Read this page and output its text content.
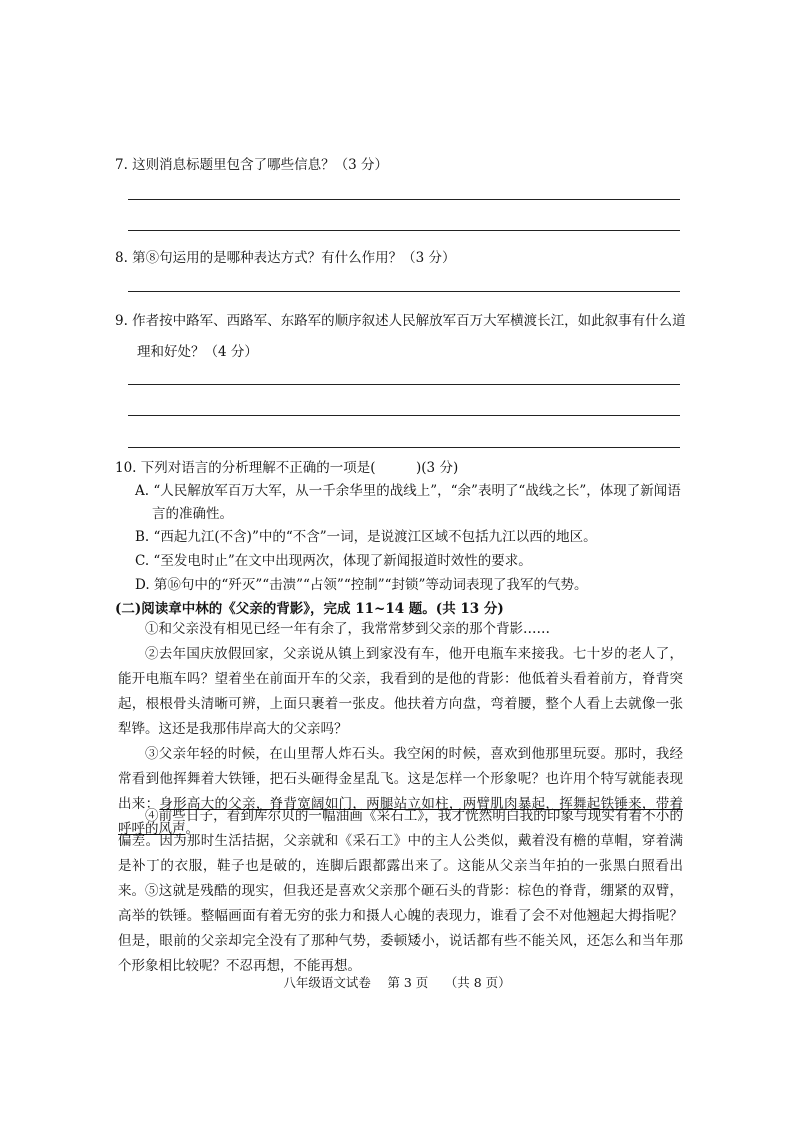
7. 这则消息标题里包含了哪些信息？（3 分）
8. 第⑧句运用的是哪种表达方式？有什么作用？（3 分）
9. 作者按中路军、西路军、东路军的顺序叙述人民解放军百万大军横渡长江，如此叙事有什么道
理和好处？（4 分）
10. 下列对语言的分析理解不正确的一项是(　　　)(3 分)
A. “人民解放军百万大军，从一千余华里的战线上”，“余”表明了“战线之长”，体现了新闻语
言的准确性。
B. “西起九江(不含)”中的“不含”一词，是说渡江区域不包括九江以西的地区。
C. “至发电时止”在文中出现两次，体现了新闻报道时效性的要求。
D. 第⑯句中的“歼灭”“击溃”“占领”“控制”“封锁”等动词表现了我军的气势。
(二)阅读章中林的《父亲的背影》，完成 11~14 题。(共 13 分)
①和父亲没有相见已经一年有余了，我常常梦到父亲的那个背影……
②去年国庆放假回家，父亲说从镇上到家没有车，他开电瓶车来接我。七十岁的老人了，能开电瓶车吗？望着坐在前面开车的父亲，我看到的是他的背影：他低着头看着前方，脊背突起，根根骨头清晰可辨，上面只裹着一张皮。他扶着方向盘，弯着腰，整个人看上去就像一张犁铧。这还是我那伟岸高大的父亲吗？
③父亲年轻的时候，在山里帮人炸石头。我空闲的时候，喜欢到他那里玩耍。那时，我经常看到他挥舞着大铁锤，把石头砸得金星乱飞。这是怎样一个形象呢？也许用个特写就能表现出来：身形高大的父亲，脊背宽阔如门，两腿站立如柱，两臂肌肉暴起，挥舞起铁锤来，带着呼呼的风声。
④前些日子，看到库尔贝的一幅油画《采石工》，我才恍然明白我的印象与现实有着不小的偏差。因为那时生活拮据，父亲就和《采石工》中的主人公类似，戴着没有檐的草帽，穿着满是补丁的衣服，鞋子也是破的，连脚后跟都露出来了。这能从父亲当年拍的一张黑白照看出来。 ⑤这就是残酷的现实，但我还是喜欢父亲那个砸石头的背影：棕色的脊背，绷紧的双臂，高举的铁锤。整幅画面有着无穷的张力和摄人心魄的表现力，谁看了会不对他翘起大拇指呢？但是，眼前的父亲却完全没有了那种气势，委顿矮小，说话都有些不能关风，还怎么和当年那个形象相比较呢？不忍再想，不能再想。
八年级语文试卷　 第 3 页　 （共 8 页）
